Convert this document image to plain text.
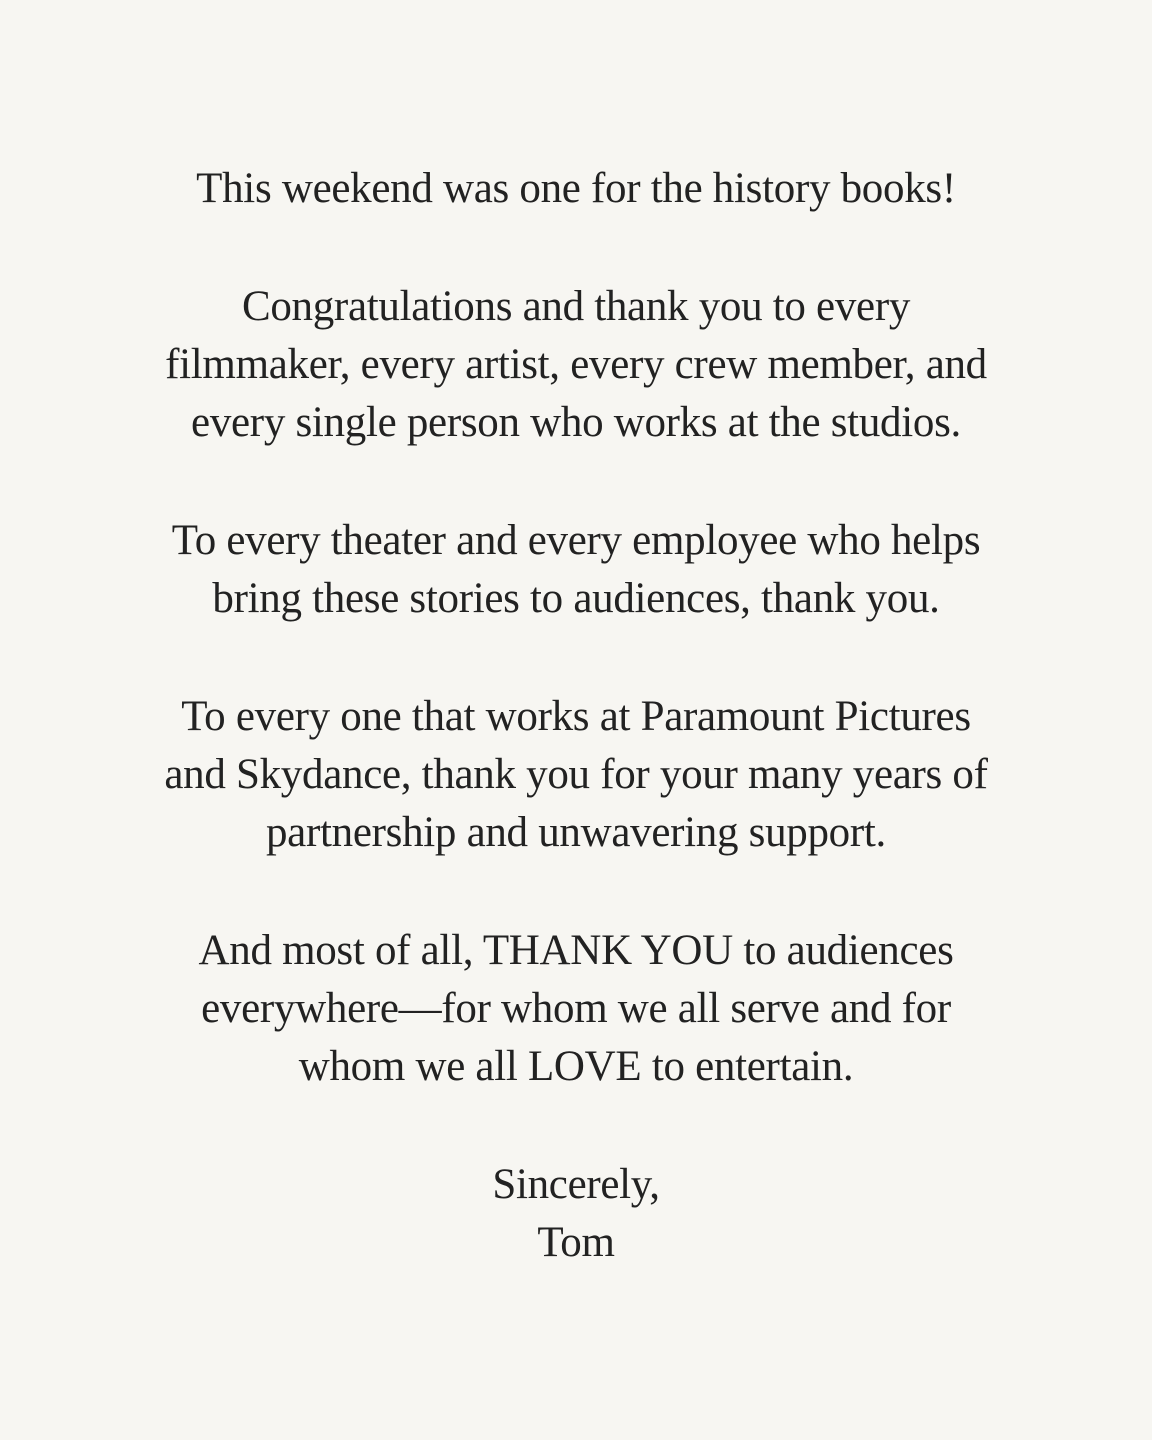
This weekend was one for the history books!

Congratulations and thank you to every
filmmaker, every artist, every crew member, and
every single person who works at the studios.

To every theater and every employee who helps
bring these stories to audiences, thank you.

To every one that works at Paramount Pictures
and Skydance, thank you for your many years of
partnership and unwavering support.

And most of all, THANK YOU to audiences
everywhere—for whom we all serve and for
whom we all LOVE to entertain.

Sincerely,
Tom
